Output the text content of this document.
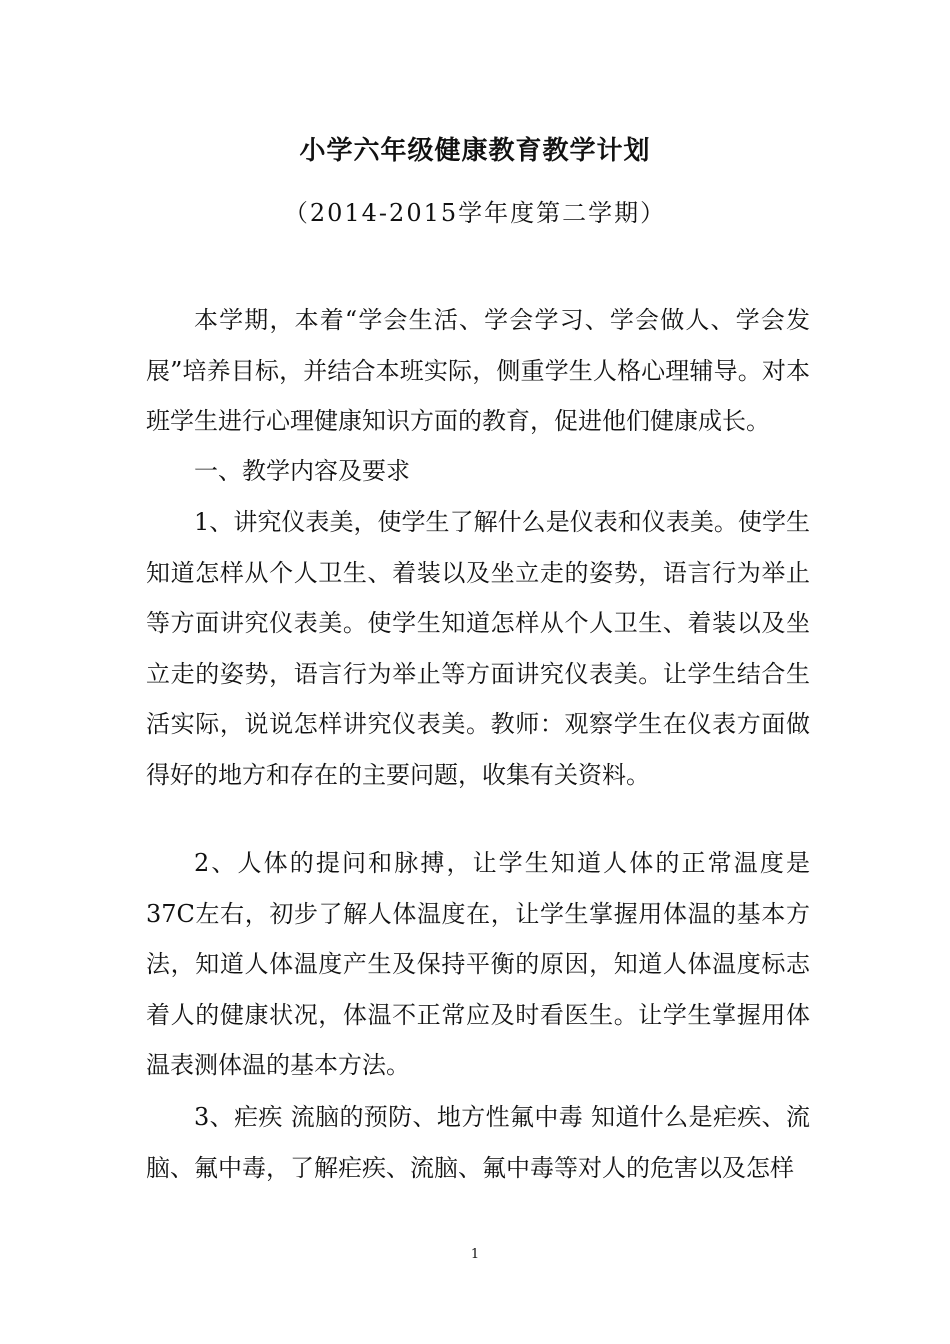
小学六年级健康教育教学计划
（2014-2015学年度第二学期）
本学期，本着“学会生活、学会学习、学会做人、学会发展”培养目标，并结合本班实际，侧重学生人格心理辅导。对本班学生进行心理健康知识方面的教育，促进他们健康成长。
一、教学内容及要求
1、讲究仪表美，使学生了解什么是仪表和仪表美。使学生知道怎样从个人卫生、着装以及坐立走的姿势，语言行为举止等方面讲究仪表美。使学生知道怎样从个人卫生、着装以及坐立走的姿势，语言行为举止等方面讲究仪表美。让学生结合生活实际，说说怎样讲究仪表美。教师：观察学生在仪表方面做得好的地方和存在的主要问题，收集有关资料。
2、人体的提问和脉搏，让学生知道人体的正常温度是37C左右，初步了解人体温度在，让学生掌握用体温的基本方法，知道人体温度产生及保持平衡的原因，知道人体温度标志着人的健康状况，体温不正常应及时看医生。让学生掌握用体温表测体温的基本方法。
3、疟疾 流脑的预防、地方性氟中毒 知道什么是疟疾、流脑、氟中毒，了解疟疾、流脑、氟中毒等对人的危害以及怎样
1
